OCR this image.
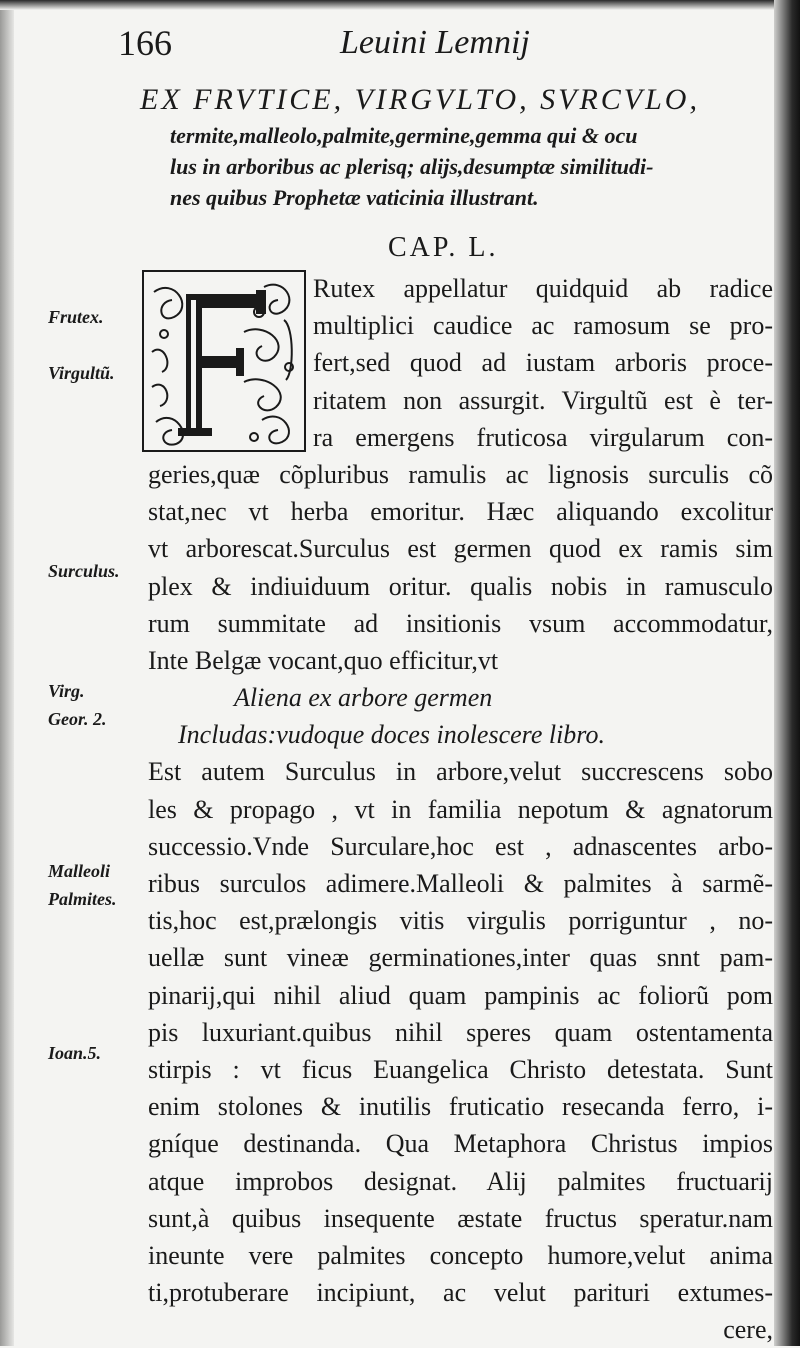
166	Leuini Lemnij

EX FRVTICE, VIRGVLTO, SVRCVLO,

termite,malleolo,palmite,germine,gemma qui & ocu

lus in arboribus ac plerisq; alijs,desumptæ similitudi-

nes quibus Prophetæ vaticinia illustrant.

CAP. L.
Frutex.
Virgultũ.
Surculus.
Virg.
Geor. 2.
Malleoli
Palmites.
Ioan.5.
Rutex appellatur quidquid ab radice
multiplici caudice ac ramosum se pro-
fert,sed quod ad iustam arboris proce-
ritatem non assurgit. Virgultũ est è ter-
ra emergens fruticosa virgularum con-
geries,quæ cõpluribus ramulis ac lignosis surculis cõ
stat,nec vt herba emoritur. Hæc aliquando excolitur
vt arborescat.Surculus est germen quod ex ramis sim
plex & indiuiduum oritur. qualis nobis in ramusculo
rum summitate ad insitionis vsum accommodatur,
Inte Belgæ vocant,quo efficitur,vt
Aliena ex arbore germen
Includas:vudoque doces inolescere libro.
Est autem Surculus in arbore,velut succrescens sobo
les & propago , vt in familia nepotum & agnatorum
successio.Vnde Surculare,hoc est , adnascentes arbo-
ribus surculos adimere.Malleoli & palmites à sarmẽ-
tis,hoc est,prælongis vitis virgulis porriguntur , no-
uellæ sunt vineæ germinationes,inter quas snnt pam-
pinarij,qui nihil aliud quam pampinis ac foliorũ pom
pis luxuriant.quibus nihil speres quam ostentamenta
stirpis : vt ficus Euangelica Christo detestata. Sunt
enim stolones & inutilis fruticatio resecanda ferro, i-
gníque destinanda. Qua Metaphora Christus impios
atque improbos designat. Alij palmites fructuarij
sunt,à quibus insequente æstate fructus speratur.nam
ineunte vere palmites concepto humore,velut anima
ti,protuberare incipiunt, ac velut parituri extumes-
cere,
